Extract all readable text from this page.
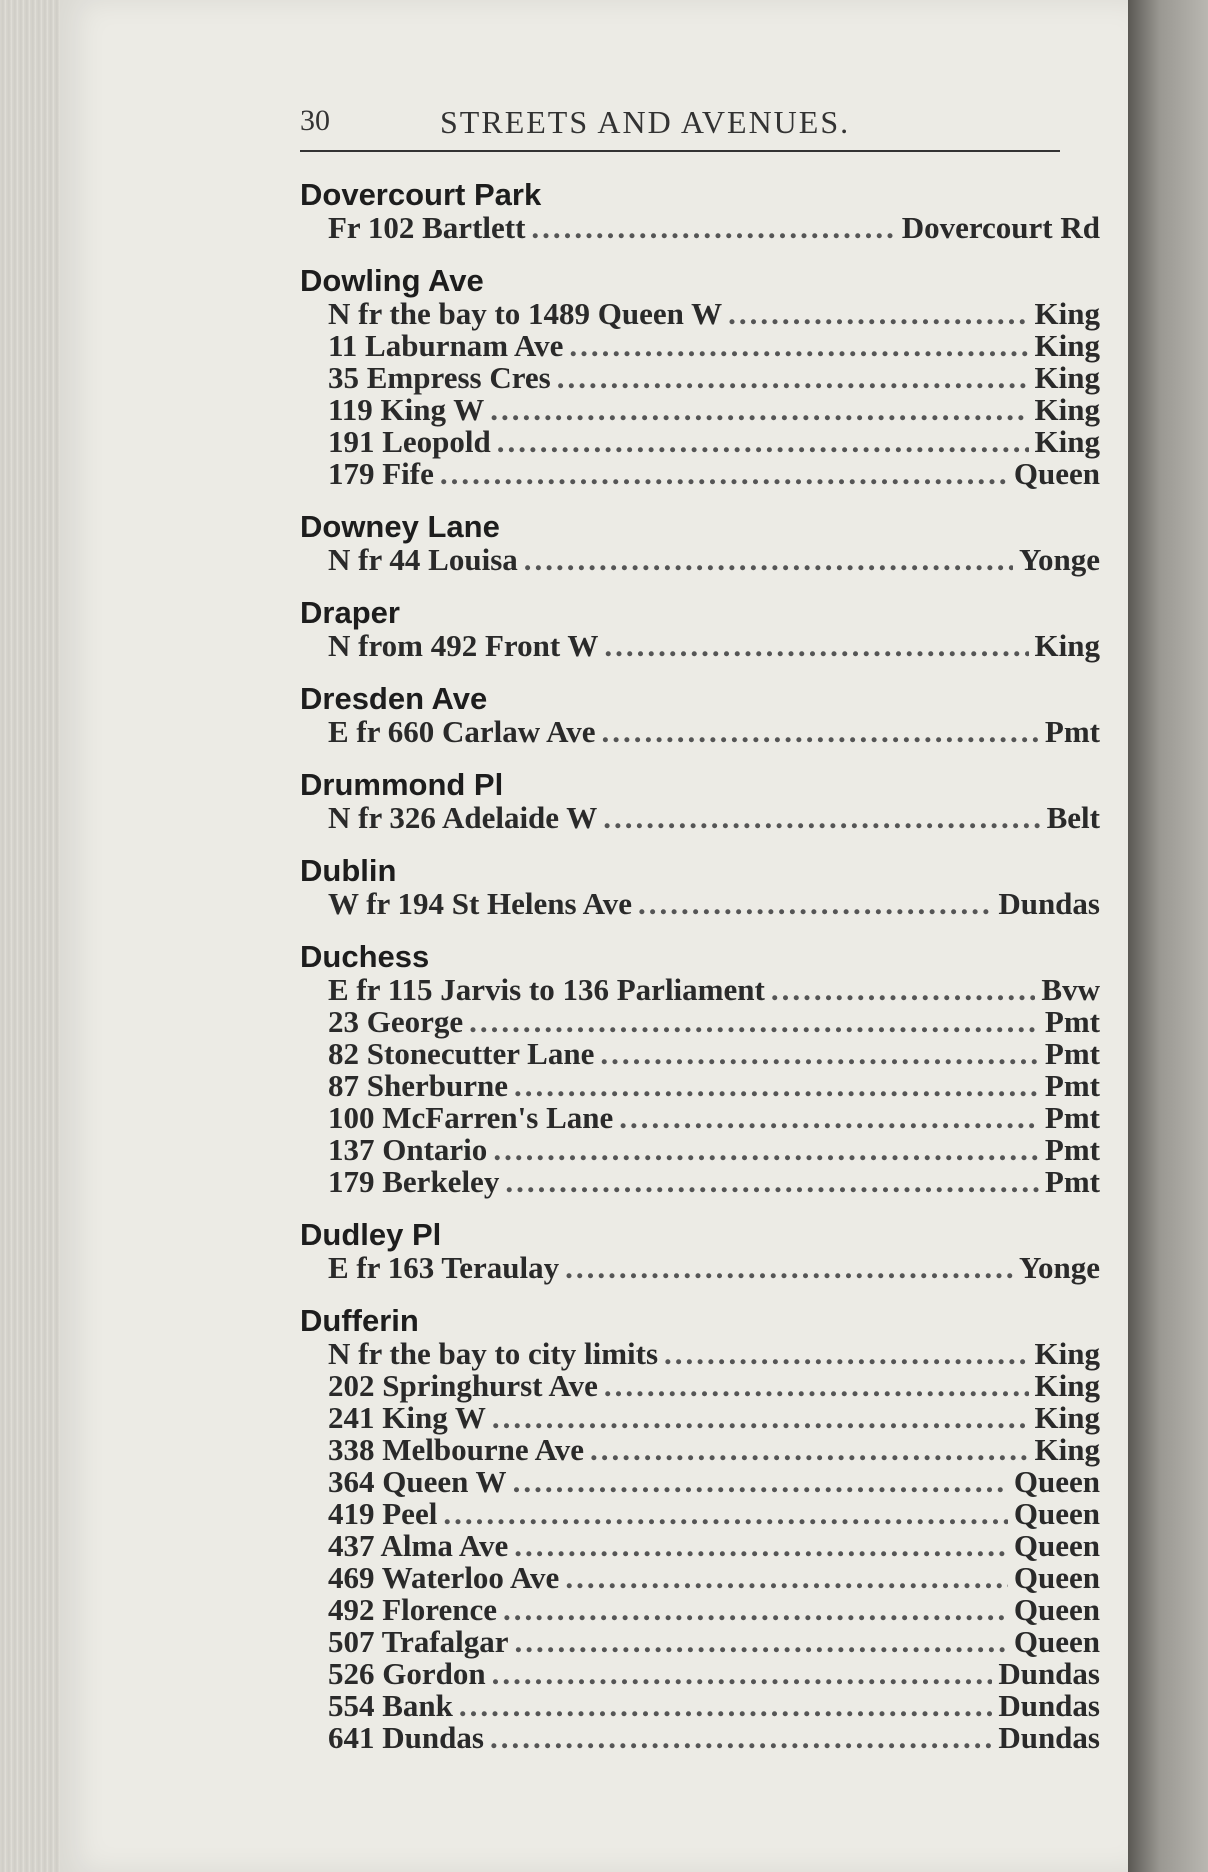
30	STREETS AND AVENUES.
Dovercourt Park
Fr 102 Bartlett .....	Dovercourt Rd
Dowling Ave
N fr the bay to 1489 Queen W .....	King
11 Laburnam Ave .....	King
35 Empress Cres .....	King
119 King W .....	King
191 Leopold .....	King
179 Fife .....	Queen
Downey Lane
N fr 44 Louisa .....	Yonge
Draper
N from 492 Front W .....	King
Dresden Ave
E fr 660 Carlaw Ave .....	Pmt
Drummond Pl
N fr 326 Adelaide W .....	Belt
Dublin
W fr 194 St Helens Ave .....	Dundas
Duchess
E fr 115 Jarvis to 136 Parliament .....	Bvw
23 George .....	Pmt
82 Stonecutter Lane .....	Pmt
87 Sherburne .....	Pmt
100 McFarren's Lane .....	Pmt
137 Ontario .....	Pmt
179 Berkeley .....	Pmt
Dudley Pl
E fr 163 Teraulay .....	Yonge
Dufferin
N fr the bay to city limits .....	King
202 Springhurst Ave .....	King
241 King W .....	King
338 Melbourne Ave .....	King
364 Queen W .....	Queen
419 Peel .....	Queen
437 Alma Ave .....	Queen
469 Waterloo Ave .....	Queen
492 Florence .....	Queen
507 Trafalgar .....	Queen
526 Gordon .....	Dundas
554 Bank .....	Dundas
641 Dundas .....	Dundas
